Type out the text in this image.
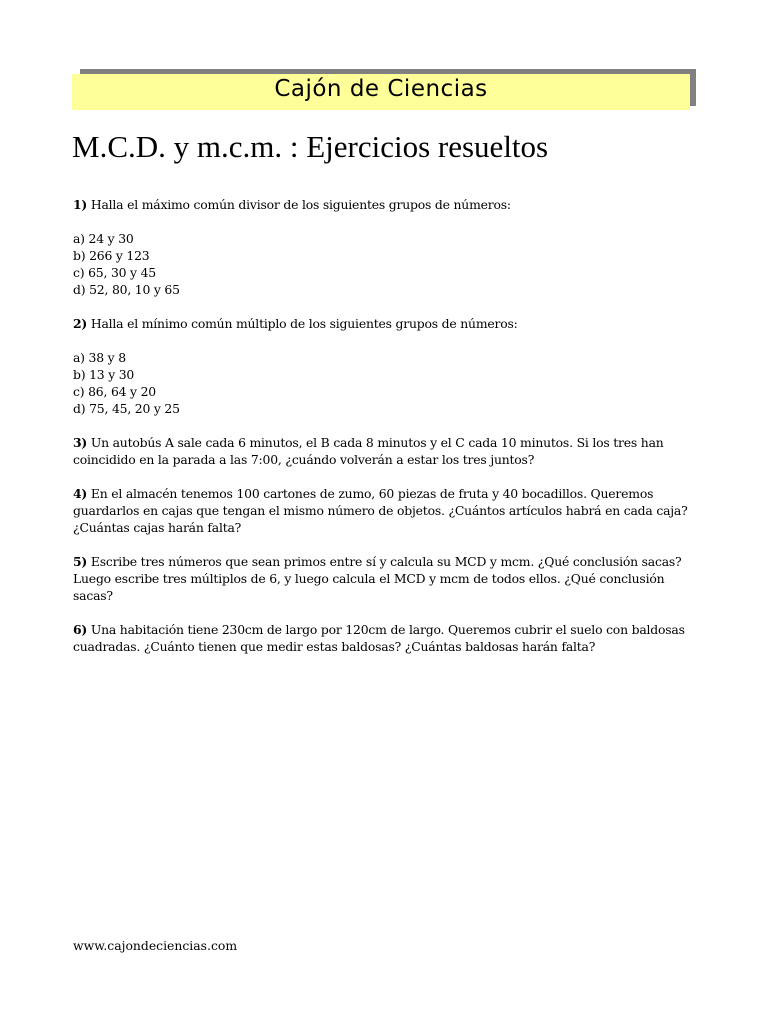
Cajón de Ciencias
M.C.D. y m.c.m. : Ejercicios resueltos

1) Halla el máximo común divisor de los siguientes grupos de números:

a) 24 y 30

b) 266 y 123

c) 65, 30 y 45

d) 52, 80, 10 y 65

2) Halla el mínimo común múltiplo de los siguientes grupos de números:

a) 38 y 8

b) 13 y 30

c) 86, 64 y 20

d) 75, 45, 20 y 25

3) Un autobús A sale cada 6 minutos, el B cada 8 minutos y el C cada 10 minutos. Si los tres han

coincidido en la parada a las 7:00, ¿cuándo volverán a estar los tres juntos?

4) En el almacén tenemos 100 cartones de zumo, 60 piezas de fruta y 40 bocadillos. Queremos

guardarlos en cajas que tengan el mismo número de objetos. ¿Cuántos artículos habrá en cada caja?

¿Cuántas cajas harán falta?

5) Escribe tres números que sean primos entre sí y calcula su MCD y mcm. ¿Qué conclusión sacas?

Luego escribe tres múltiplos de 6, y luego calcula el MCD y mcm de todos ellos. ¿Qué conclusión

sacas?

6) Una habitación tiene 230cm de largo por 120cm de largo. Queremos cubrir el suelo con baldosas

cuadradas. ¿Cuánto tienen que medir estas baldosas? ¿Cuántas baldosas harán falta?

www.cajondeciencias.com
